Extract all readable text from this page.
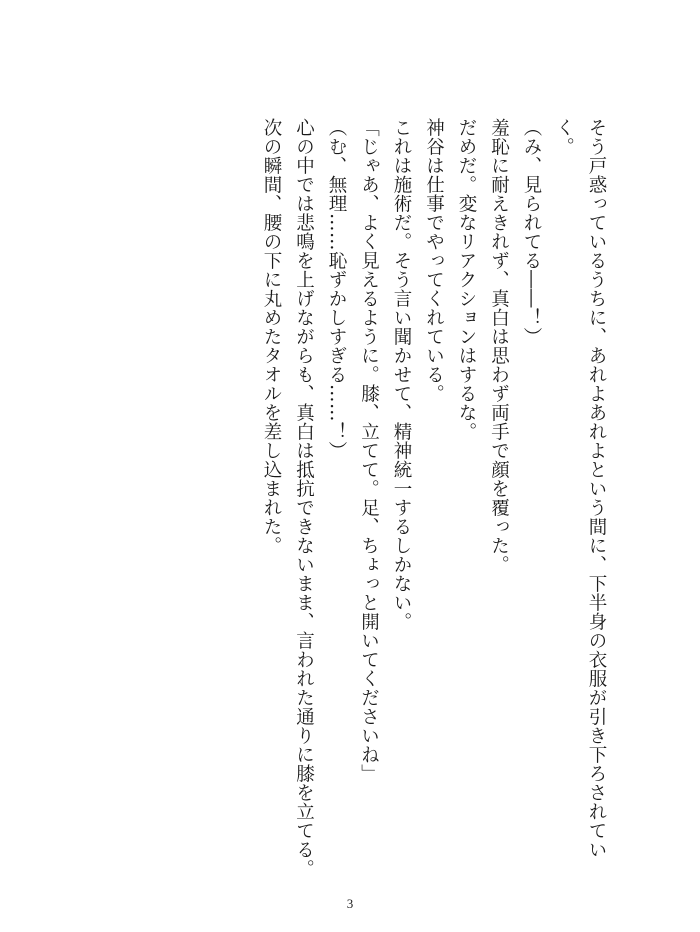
そう戸惑っているうちに、あれよあれよという間に、下半身の衣服が引き下ろされてい
く。
（み、見られてる――！）
羞恥に耐えきれず、真白は思わず両手で顔を覆った。
だめだ。変なリアクションはするな。
神谷は仕事でやってくれている。
これは施術だ。そう言い聞かせて、精神統一するしかない。
「じゃあ、よく見えるように。膝、立てて。足、ちょっと開いてくださいね」
（む、無理……恥ずかしすぎる……！）
心の中では悲鳴を上げながらも、真白は抵抗できないまま、言われた通りに膝を立てる。
次の瞬間、腰の下に丸めたタオルを差し込まれた。
3
